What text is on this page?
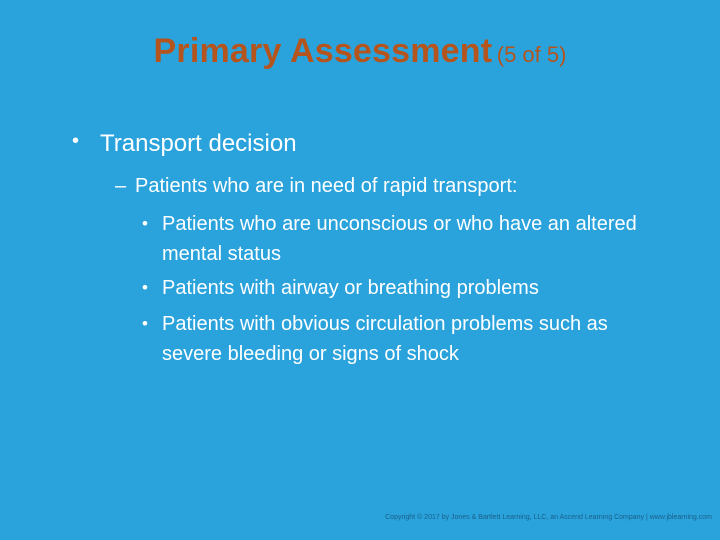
Primary Assessment (5 of 5)
• Transport decision
– Patients who are in need of rapid transport:
• Patients who are unconscious or who have an altered mental status
• Patients with airway or breathing problems
• Patients with obvious circulation problems such as severe bleeding or signs of shock
Copyright © 2017 by Jones & Bartlett Learning, LLC, an Ascend Learning Company | www.jblearning.com
